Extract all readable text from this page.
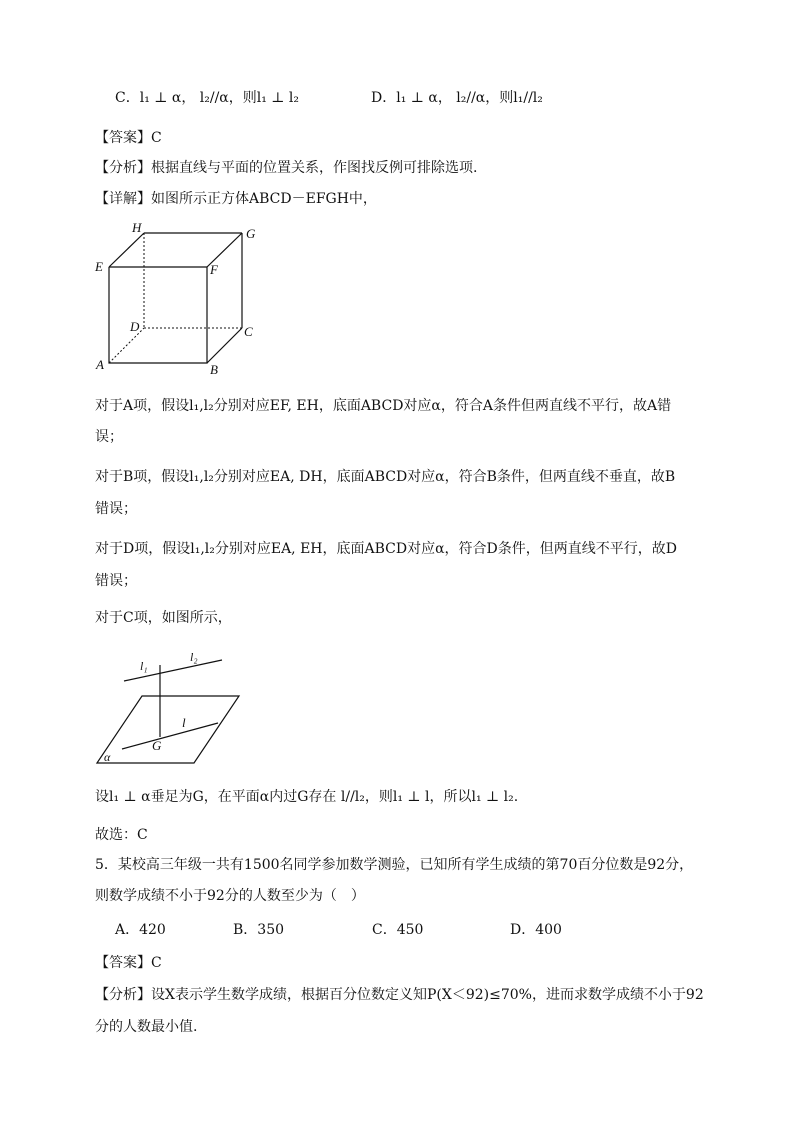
C．l₁ ⊥ α， l₂//α，则l₁ ⊥ l₂	D．l₁ ⊥ α， l₂//α，则l₁//l₂
【答案】C
【分析】根据直线与平面的位置关系，作图找反例可排除选项.
【详解】如图所示正方体ABCD－EFGH中，
H	G
E	F
D	C
A	B
对于A项，假设l₁,l₂分别对应EF, EH，底面ABCD对应α，符合A条件但两直线不平行，故A错
误；
对于B项，假设l₁,l₂分别对应EA, DH，底面ABCD对应α，符合B条件，但两直线不垂直，故B
错误；
对于D项，假设l₁,l₂分别对应EA, EH，底面ABCD对应α，符合D条件，但两直线不平行，故D
错误；
对于C项，如图所示，
l₁
l₂
l
G
α
设l₁ ⊥ α垂足为G，在平面α内过G存在 l//l₂，则l₁ ⊥ l，所以l₁ ⊥ l₂.
故选：C
5．某校高三年级一共有1500名同学参加数学测验，已知所有学生成绩的第70百分位数是92分，
则数学成绩不小于92分的人数至少为（　）
A．420	B．350	C．450	D．400
【答案】C
【分析】设X表示学生数学成绩，根据百分位数定义知P(X＜92)≤70%，进而求数学成绩不小于92
分的人数最小值.
